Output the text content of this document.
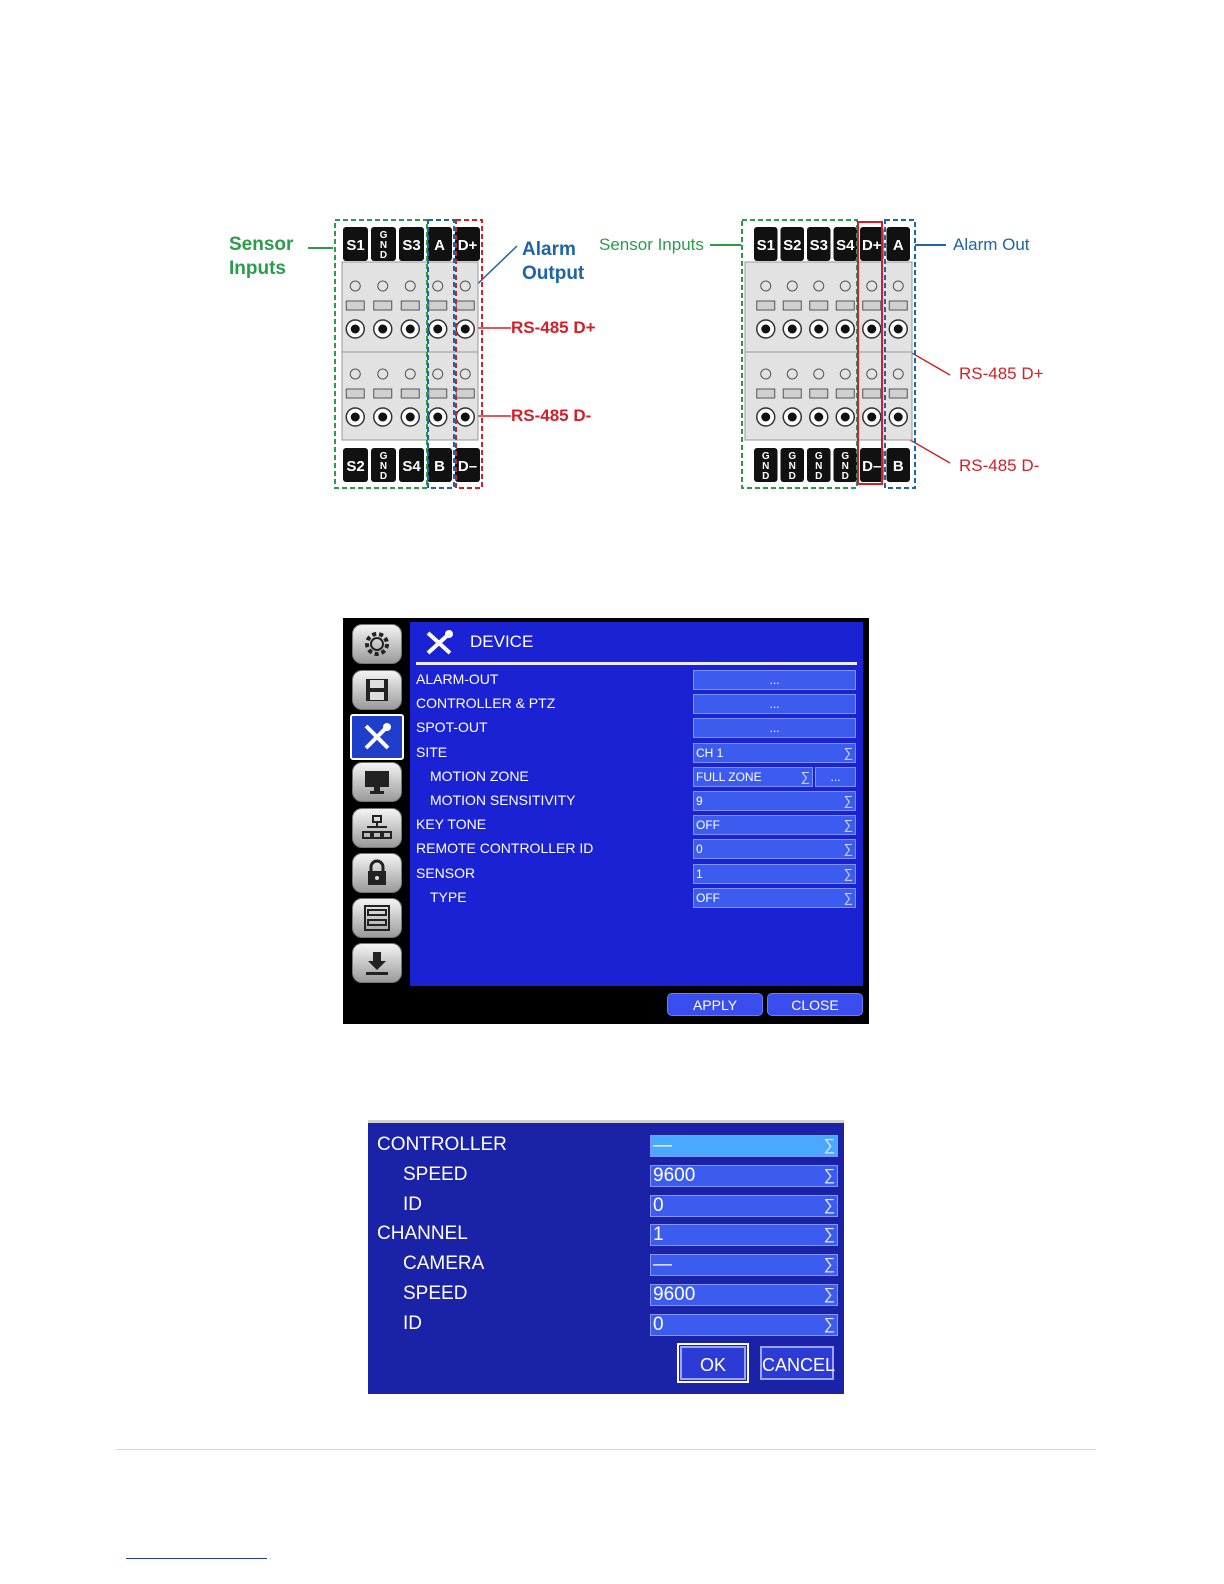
Sensor
Inputs
Alarm
Output
RS-485 D+
RS-485 D-
S1
G
N
D
S3 A D+
S2
G
N
D
S4 B D–
Sensor Inputs	Alarm Out
RS-485 D+
RS-485 D-
S1 S2 S3 S4 D+ A
G
N
D
G
N
D
G
N
D
G
N
D
D– B
DEVICE
ALARM-OUT	...
CONTROLLER & PTZ	...
SPOT-OUT	...
SITE	CH 1	∑
MOTION ZONE	FULL ZONE	∑	...
MOTION SENSITIVITY	9	∑
KEY TONE	OFF	∑
REMOTE CONTROLLER ID	0	∑
SENSOR	1	∑
TYPE	OFF	∑
APPLY	CLOSE
CONTROLLER	—	∑
SPEED	9600	∑
ID	0	∑
CHANNEL	1	∑
CAMERA	—	∑
SPEED	9600	∑
ID	0	∑
OK	CANCEL
